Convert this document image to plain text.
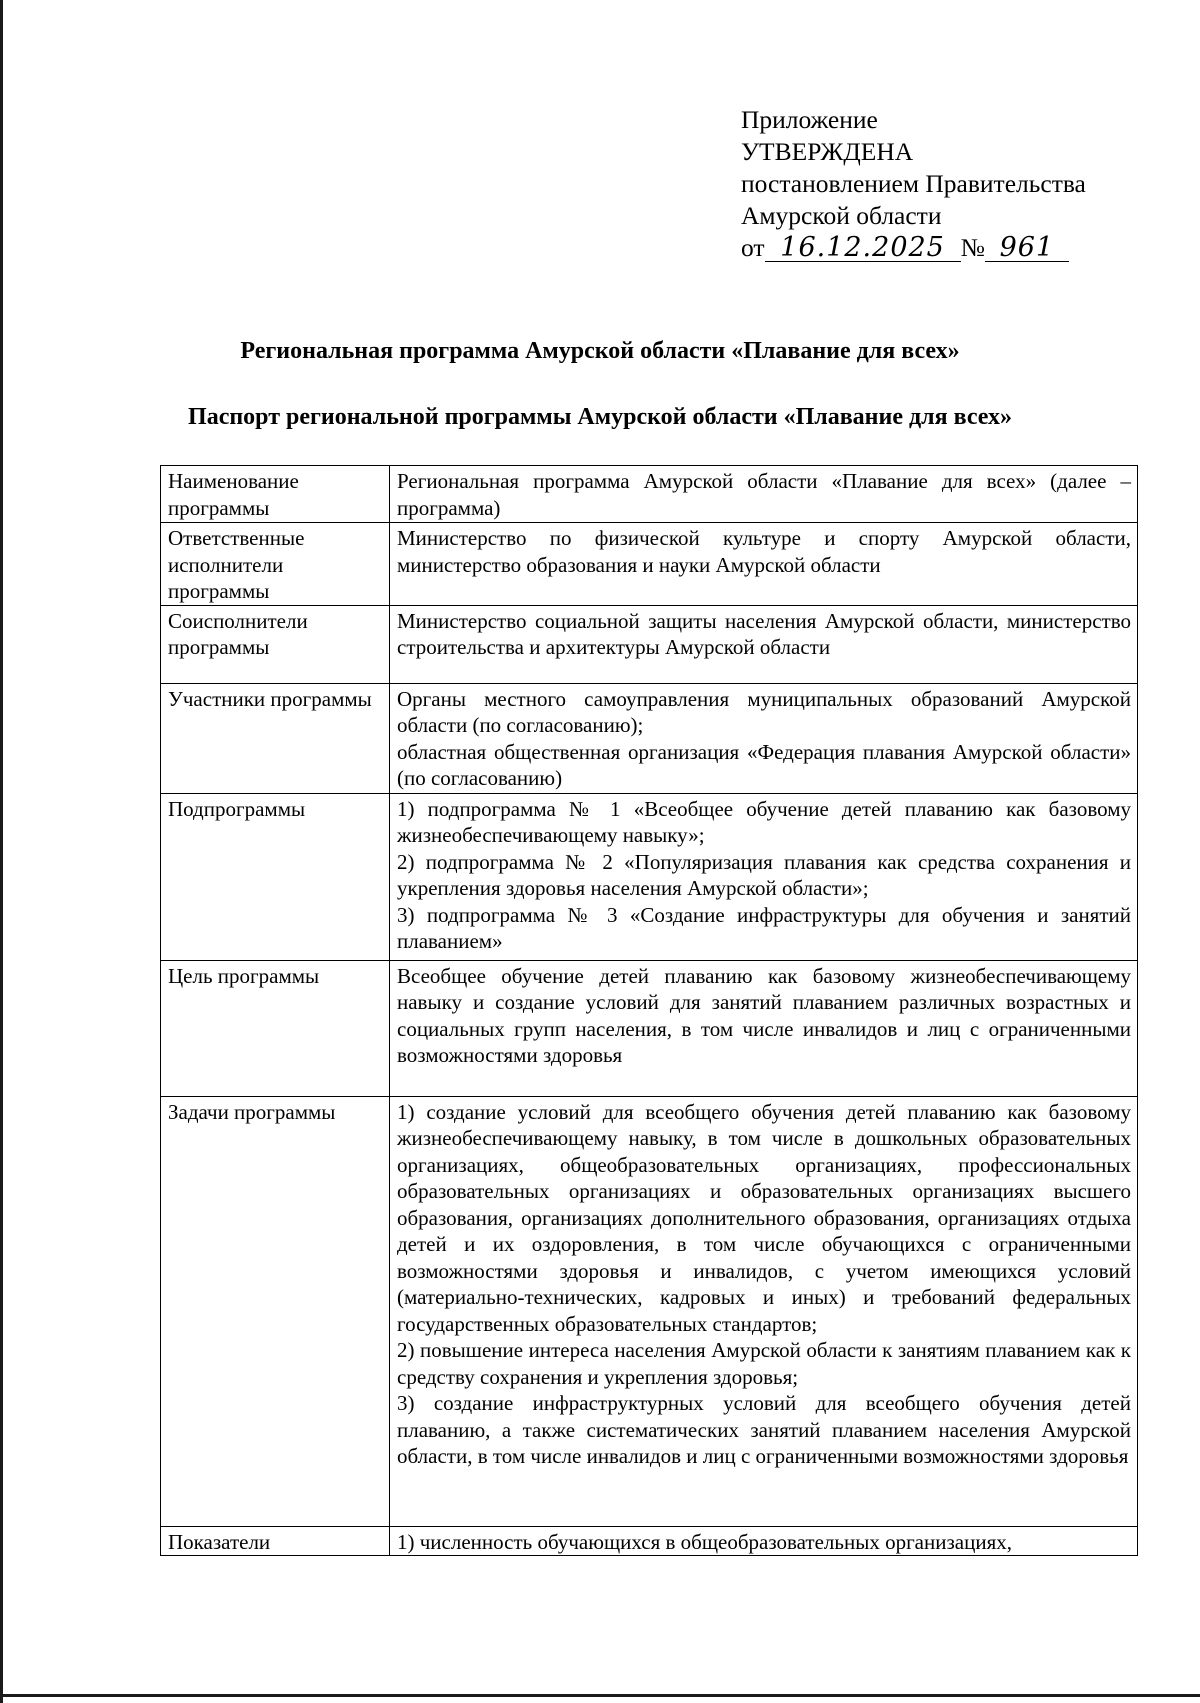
Приложение
УТВЕРЖДЕНА
постановлением Правительства
Амурской области
от 16.12.2025 № 961
Региональная программа Амурской области «Плавание для всех»
Паспорт региональной программы Амурской области «Плавание для всех»
Наименование программы	Региональная программа Амурской области «Плавание для всех» (далее – программа)

Ответственные исполнители программы	Министерство по физической культуре и спорту Амурской области, министерство образования и науки Амурской области

Соисполнители программы	Министерство социальной защиты населения Амурской области, министерство строительства и архитектуры Амурской области

Участники программы	Органы местного самоуправления муниципальных образований Амурской области (по согласованию);
областная общественная организация «Федерация плавания Амурской области» (по согласованию)

Подпрограммы	1) подпрограмма № 1 «Всеобщее обучение детей плаванию как базовому жизнеобеспечивающему навыку»;
2) подпрограмма № 2 «Популяризация плавания как средства сохранения и укрепления здоровья населения Амурской области»;
3) подпрограмма № 3 «Создание инфраструктуры для обучения и занятий плаванием»

Цель программы	Всеобщее обучение детей плаванию как базовому жизнеобеспечивающему навыку и создание условий для занятий плаванием различных возрастных и социальных групп населения, в том числе инвалидов и лиц с ограниченными возможностями здоровья

Задачи программы	1) создание условий для всеобщего обучения детей плаванию как базовому жизнеобеспечивающему навыку, в том числе в дошкольных образовательных организациях, общеобразовательных организациях, профессиональных образовательных организациях и образовательных организациях высшего образования, организациях дополнительного образования, организациях отдыха детей и их оздоровления, в том числе обучающихся с ограниченными возможностями здоровья и инвалидов, с учетом имеющихся условий (материально-технических, кадровых и иных) и требований федеральных государственных образовательных стандартов;
2) повышение интереса населения Амурской области к занятиям плаванием как к средству сохранения и укрепления здоровья;
3) создание инфраструктурных условий для всеобщего обучения детей плаванию, а также систематических занятий плаванием населения Амурской области, в том числе инвалидов и лиц с ограниченными возможностями здоровья

Показатели	1) численность обучающихся в общеобразовательных организациях,
